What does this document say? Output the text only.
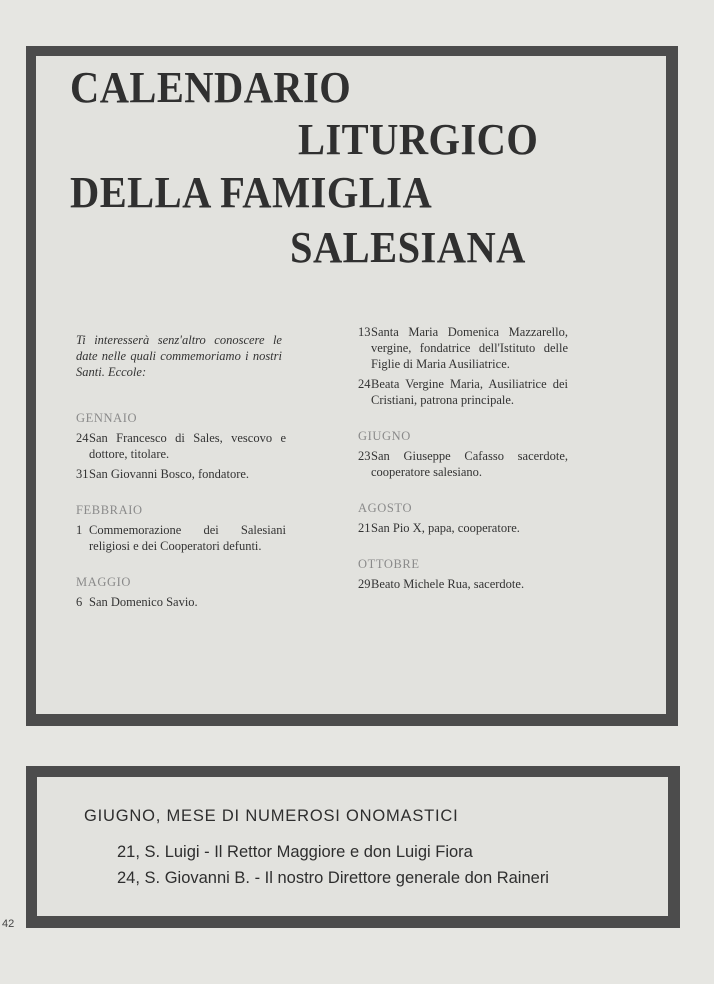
CALENDARIO
LITURGICO
DELLA FAMIGLIA
SALESIANA
Ti interesserà senz'altro conoscere le date nelle quali commemoriamo i nostri Santi. Eccole:
GENNAIO
24 San Francesco di Sales, vescovo e dottore, titolare.
31 San Giovanni Bosco, fondatore.
FEBBRAIO
1 Commemorazione dei Salesiani religiosi e dei Cooperatori defunti.
MAGGIO
6 San Domenico Savio.
13 Santa Maria Domenica Mazzarello, vergine, fondatrice dell'Istituto delle Figlie di Maria Ausiliatrice.
24 Beata Vergine Maria, Ausiliatrice dei Cristiani, patrona principale.
GIUGNO
23 San Giuseppe Cafasso sacerdote, cooperatore salesiano.
AGOSTO
21 San Pio X, papa, cooperatore.
OTTOBRE
29 Beato Michele Rua, sacerdote.
GIUGNO, MESE DI NUMEROSI ONOMASTICI
21, S. Luigi - Il Rettor Maggiore e don Luigi Fiora
24, S. Giovanni B. - Il nostro Direttore generale don Raineri
42
